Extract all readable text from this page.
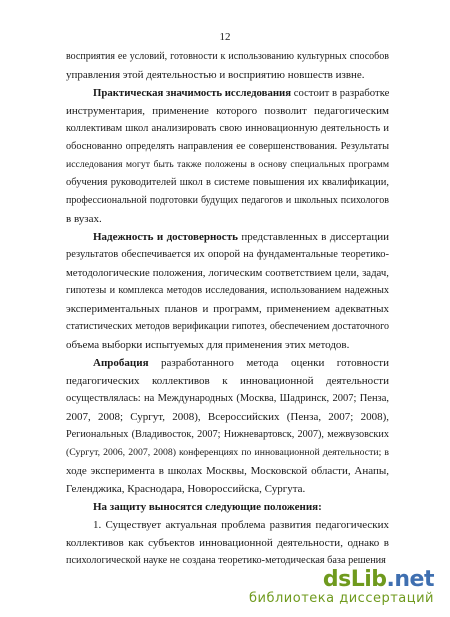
12
восприятия ее условий, готовности к использованию культурных способов
управления этой деятельностью и восприятию новшеств извне.
Практическая значимость исследования состоит в разработке
инструментария, применение которого позволит педагогическим
коллективам школ анализировать свою инновационную деятельность и
обоснованно определять направления ее совершенствования. Результаты
исследования могут быть также положены в основу специальных программ
обучения руководителей школ в системе повышения их квалификации,
профессиональной подготовки будущих педагогов и школьных психологов
в вузах.
Надежность и достоверность представленных в диссертации
результатов обеспечивается их опорой на фундаментальные теоретико-
методологические положения, логическим соответствием цели, задач,
гипотезы и комплекса методов исследования, использованием надежных
экспериментальных планов и программ, применением адекватных
статистических методов верификации гипотез, обеспечением достаточного
объема выборки испытуемых для применения этих методов.
Апробация разработанного метода оценки готовности
педагогических коллективов к инновационной деятельности
осуществлялась: на Международных (Москва, Шадринск, 2007; Пенза,
2007, 2008; Сургут, 2008), Всероссийских (Пенза, 2007; 2008),
Региональных (Владивосток, 2007; Нижневартовск, 2007), межвузовских
(Сургут, 2006, 2007, 2008) конференциях по инновационной деятельности; в
ходе эксперимента в школах Москвы, Московской области, Анапы,
Геленджика, Краснодара, Новороссийска, Сургута.
На защиту выносятся следующие положения:
1. Существует актуальная проблема развития педагогических
коллективов как субъектов инновационной деятельности, однако в
психологической науке не создана теоретико-методическая база решения
dsLib.net
библиотека диссертаций
